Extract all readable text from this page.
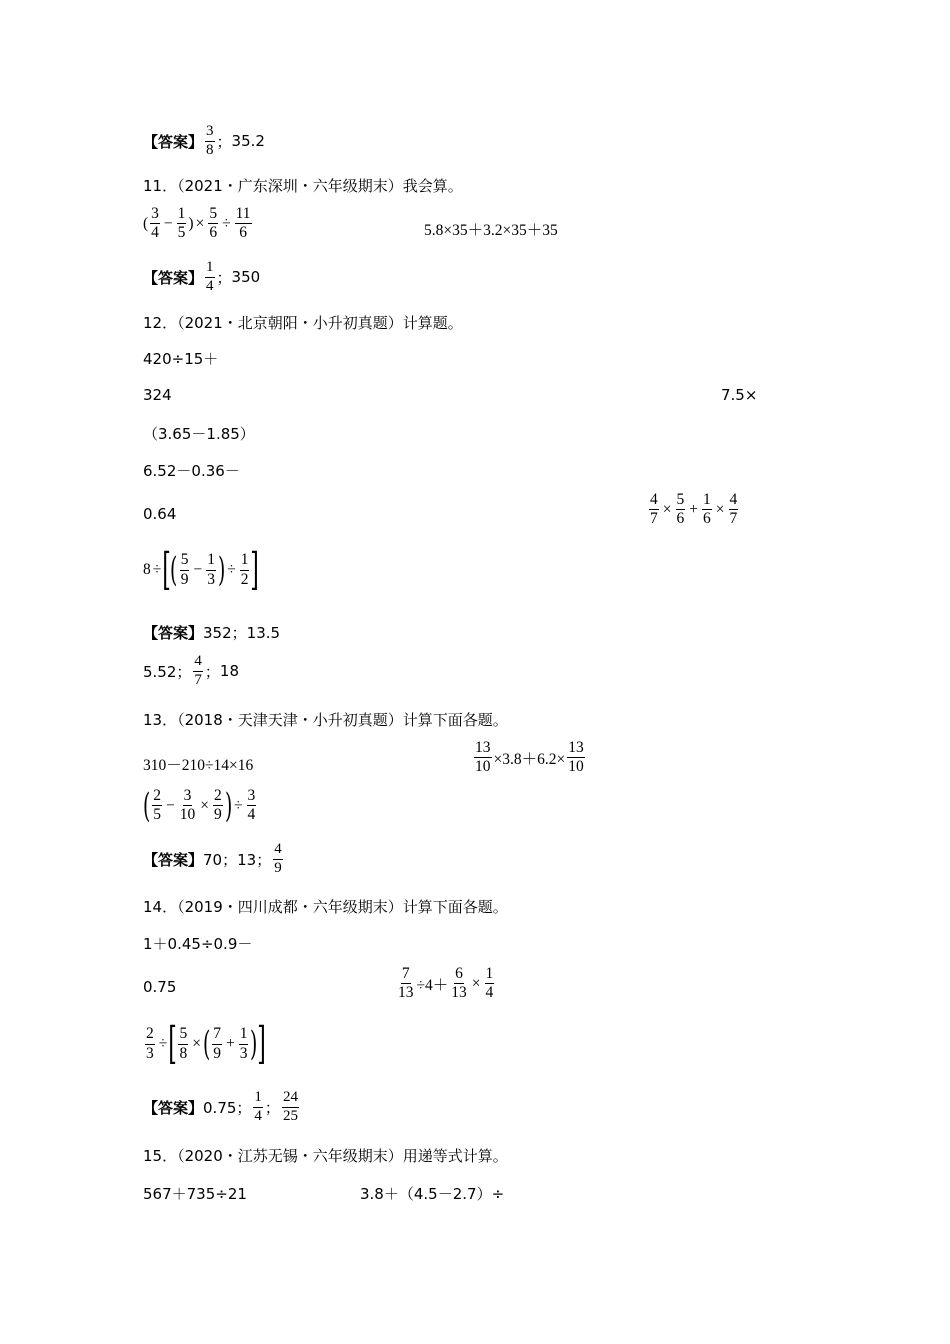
【答案】 $\frac{3}{8}$ ； 35.2
11．（2021・广东深圳・六年级期末）我会算。
( $\frac{3}{4} - \frac{1}{5}$ ) × $\frac{5}{6} \div \frac{11}{6}$	5.8×35＋3.2×35＋35
【答案】 $\frac{1}{4}$ ； 350
12．（2021・北京朝阳・小升初真题）计算题。
420÷15＋
324	7.5×
（3.65－1.85）
6.52－0.36－
0.64	$\frac{4}{7} \times \frac{5}{6} + \frac{1}{6} \times \frac{4}{7}$
8 ÷ [ ( $\frac{5}{9} - \frac{1}{3}$ ) ÷ $\frac{1}{2}$ ]
【答案】352；13.5
5.52； $\frac{4}{7}$ ； 18
13．（2018・天津天津・小升初真题）计算下面各题。
310－210÷14×16	$\frac{13}{10} \times 3.8+6.2\times \frac{13}{10}$
( $\frac{2}{5} - \frac{3}{10} \times \frac{2}{9}$ ) ÷ $\frac{3}{4}$
【答案】 70；13； $\frac{4}{9}$
14．（2019・四川成都・六年级期末）计算下面各题。
1＋0.45÷0.9－
0.75	$\frac{7}{13} \div 4+ \frac{6}{13} \times \frac{1}{4}$
$\frac{2}{3}$ ÷ [ $\frac{5}{8}$ × ( $\frac{7}{9} + \frac{1}{3}$ ) ]
【答案】 0.75； $\frac{1}{4}$ ； $\frac{24}{25}$
15．（2020・江苏无锡・六年级期末）用递等式计算。
567＋735÷21	3.8＋（4.5－2.7）÷
